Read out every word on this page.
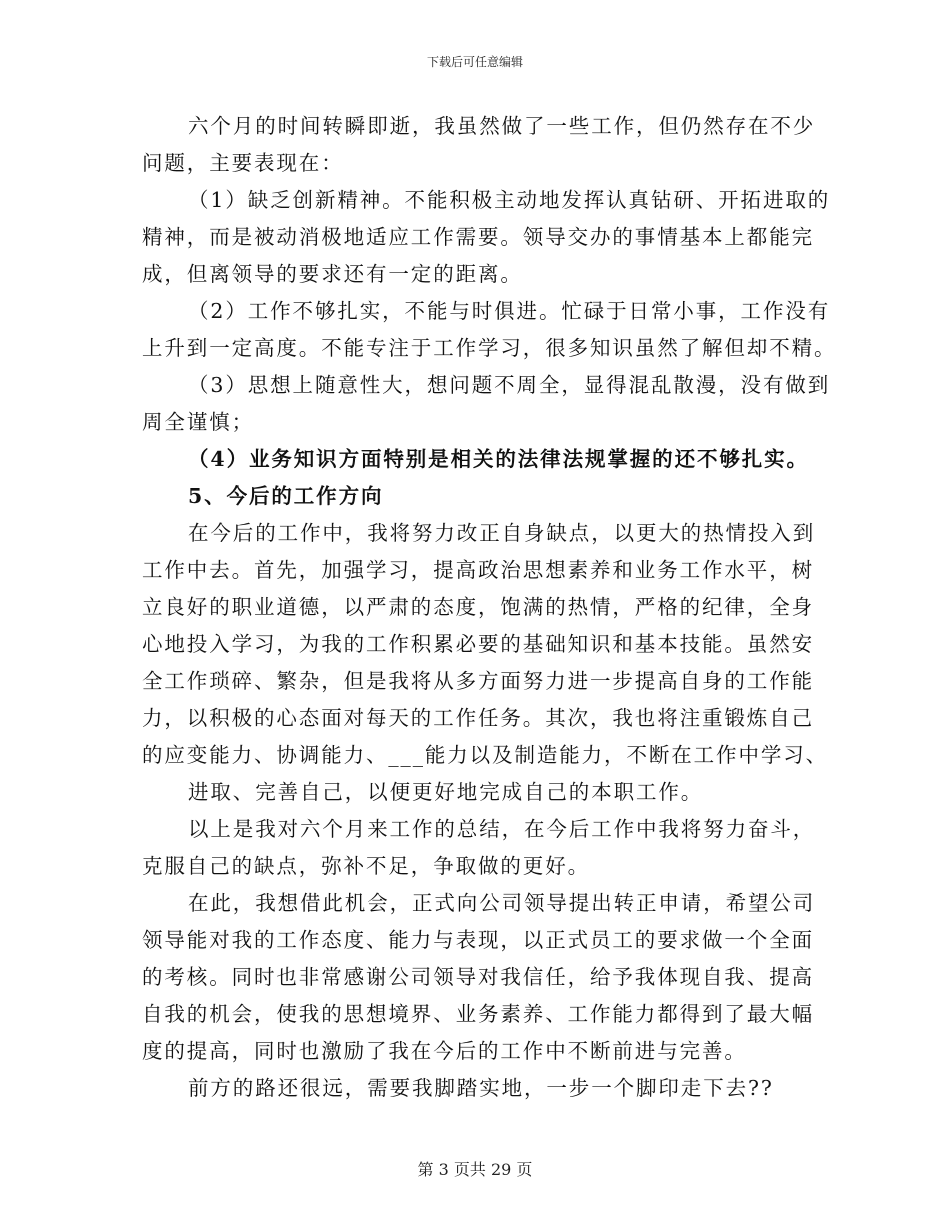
下载后可任意编辑
六个月的时间转瞬即逝，我虽然做了一些工作，但仍然存在不少
问题，主要表现在：
（1）缺乏创新精神。不能积极主动地发挥认真钻研、开拓进取的
精神，而是被动消极地适应工作需要。领导交办的事情基本上都能完
成，但离领导的要求还有一定的距离。
（2）工作不够扎实，不能与时俱进。忙碌于日常小事，工作没有
上升到一定高度。不能专注于工作学习，很多知识虽然了解但却不精。
（3）思想上随意性大，想问题不周全，显得混乱散漫，没有做到
周全谨慎；
（4）业务知识方面特别是相关的法律法规掌握的还不够扎实。
5、今后的工作方向
在今后的工作中，我将努力改正自身缺点，以更大的热情投入到
工作中去。首先，加强学习，提高政治思想素养和业务工作水平，树
立良好的职业道德，以严肃的态度，饱满的热情，严格的纪律，全身
心地投入学习，为我的工作积累必要的基础知识和基本技能。虽然安
全工作琐碎、繁杂，但是我将从多方面努力进一步提高自身的工作能
力，以积极的心态面对每天的工作任务。其次，我也将注重锻炼自己
的应变能力、协调能力、___能力以及制造能力，不断在工作中学习、
进取、完善自己，以便更好地完成自己的本职工作。
以上是我对六个月来工作的总结，在今后工作中我将努力奋斗，
克服自己的缺点，弥补不足，争取做的更好。
在此，我想借此机会，正式向公司领导提出转正申请，希望公司
领导能对我的工作态度、能力与表现，以正式员工的要求做一个全面
的考核。同时也非常感谢公司领导对我信任，给予我体现自我、提高
自我的机会，使我的思想境界、业务素养、工作能力都得到了最大幅
度的提高，同时也激励了我在今后的工作中不断前进与完善。
前方的路还很远，需要我脚踏实地，一步一个脚印走下去??
第 3 页共 29 页
